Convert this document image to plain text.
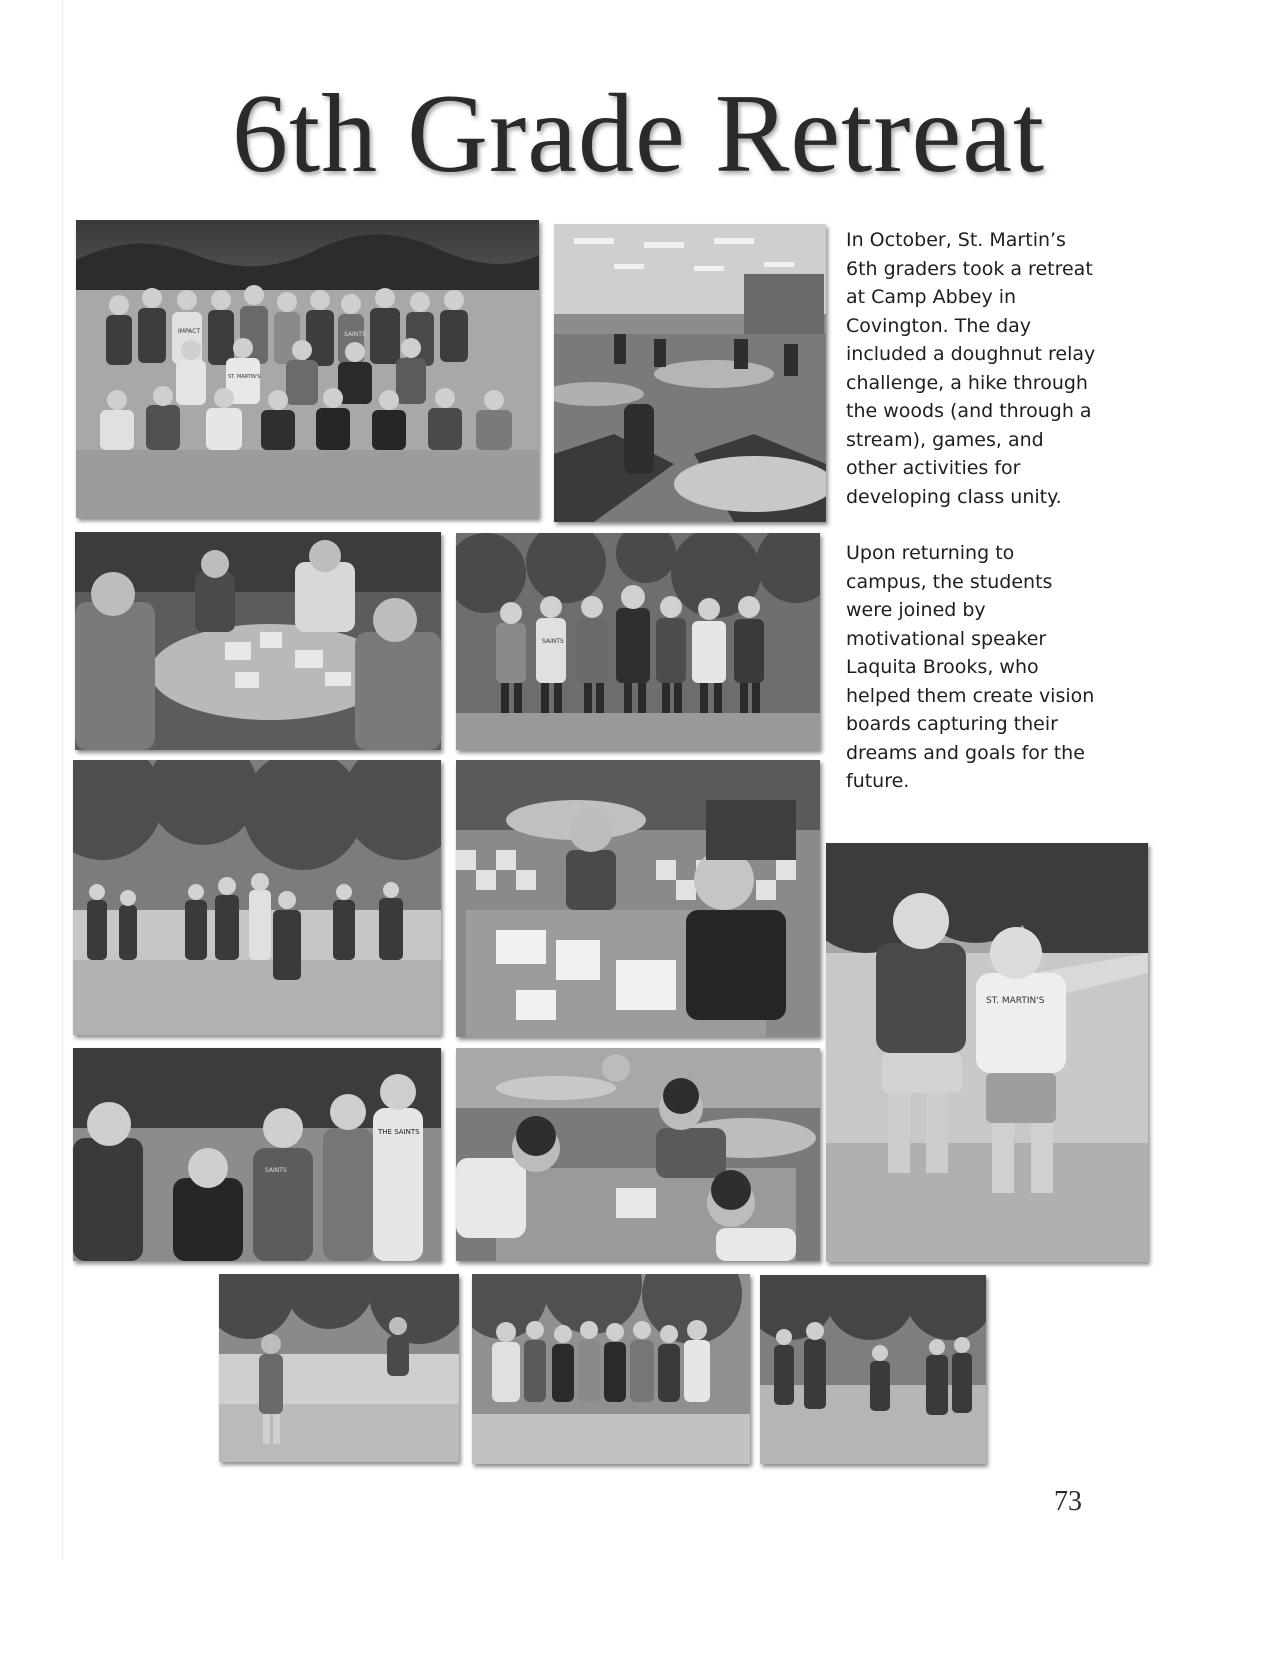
6th Grade Retreat

In October, St. Martin’s 6th graders took a retreat at Camp Abbey in Covington. The day included a doughnut relay challenge, a hike through the woods (and through a stream), games, and other activities for developing class unity.

Upon returning to campus, the students were joined by motivational speaker Laquita Brooks, who helped them create vision boards capturing their dreams and goals for the future.

IMPACT	SAINTS
ST. MARTIN'S
SAINTS
THE SAINTS
SAINTS
ST. MARTIN'S
73
